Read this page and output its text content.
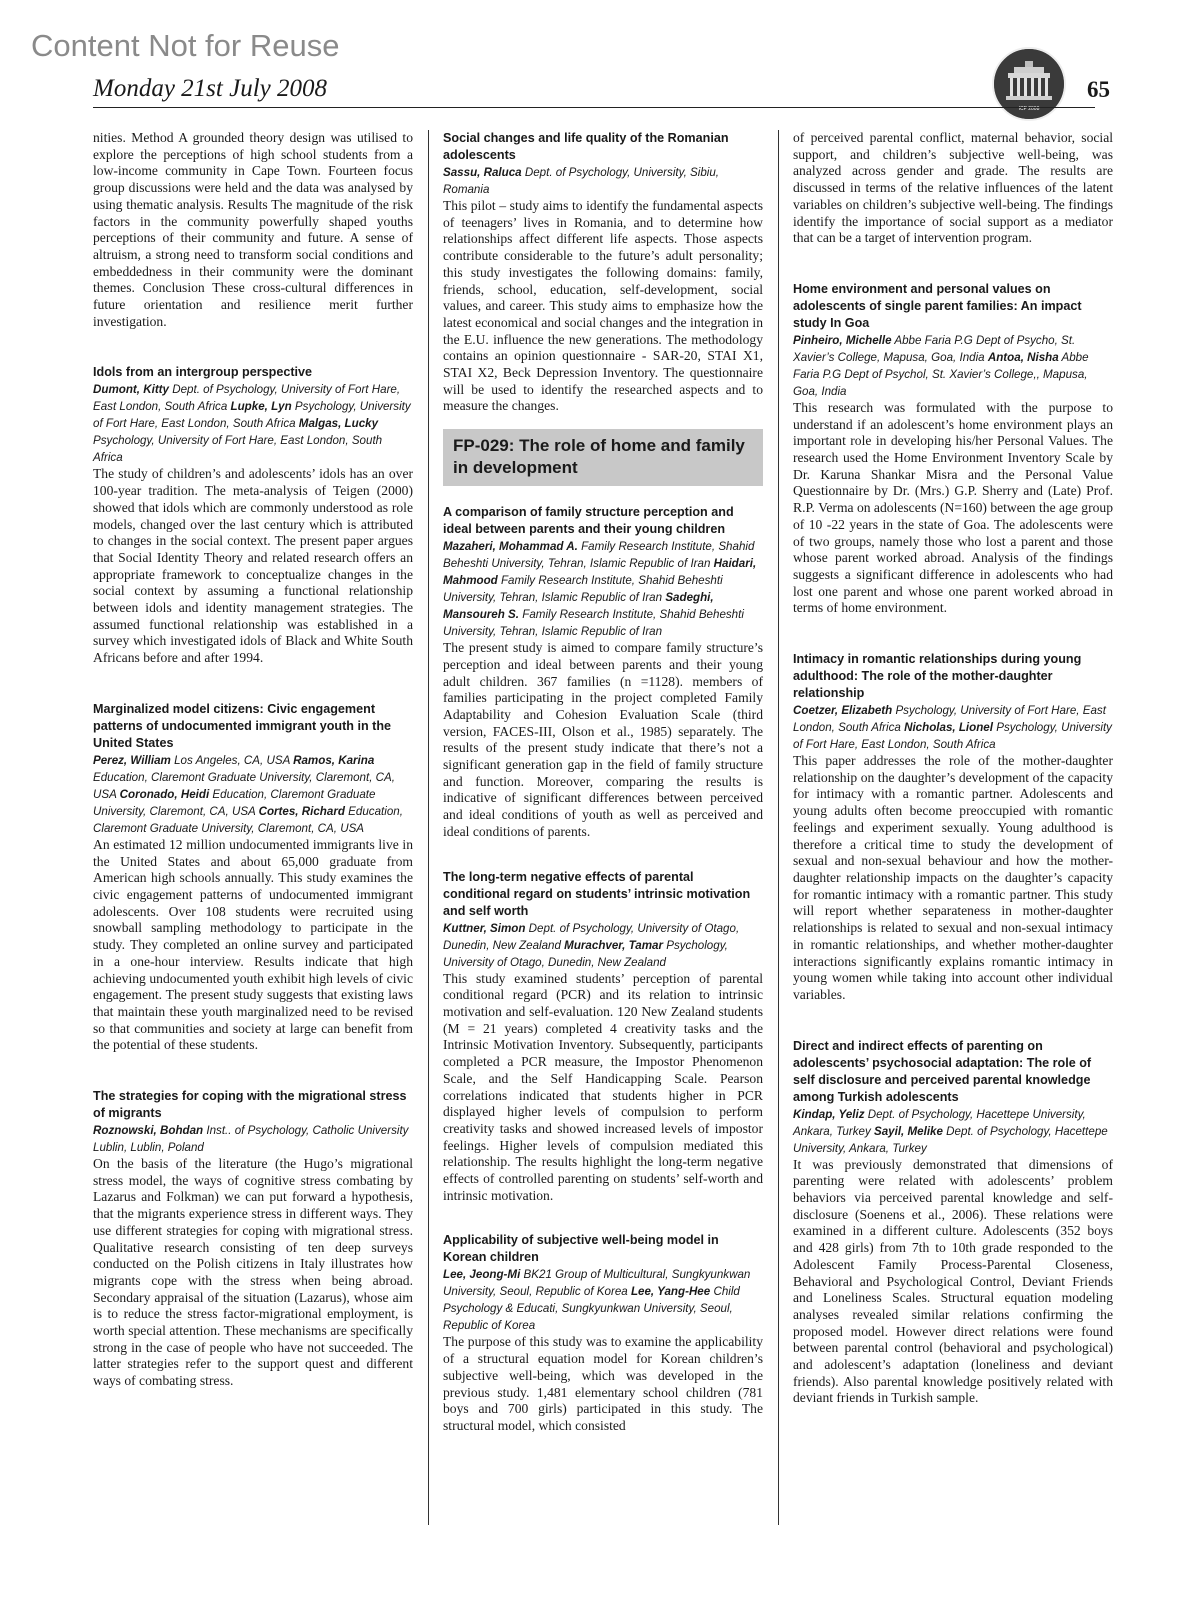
Content Not for Reuse
Monday 21st July 2008
ICP 2008
65

nities. Method A grounded theory design was utilised to explore the perceptions of high school students from a low-income community in Cape Town. Fourteen focus group discussions were held and the data was analysed by using thematic analysis. Results The magnitude of the risk factors in the community powerfully shaped youths perceptions of their community and future. A sense of altruism, a strong need to transform social conditions and embeddedness in their community were the dominant themes. Conclusion These cross-cultural differences in future orientation and resilience merit further investigation.

Idols from an intergroup perspective

Dumont, Kitty Dept. of Psychology, University of Fort Hare, East London, South Africa Lupke, Lyn Psychology, University of Fort Hare, East London, South Africa Malgas, Lucky Psychology, University of Fort Hare, East London, South Africa

The study of children’s and adolescents’ idols has an over 100-year tradition. The meta-analysis of Teigen (2000) showed that idols which are commonly understood as role models, changed over the last century which is attributed to changes in the social context. The present paper argues that Social Identity Theory and related research offers an appropriate framework to conceptualize changes in the social context by assuming a functional relationship between idols and identity management strategies. The assumed functional relationship was established in a survey which investigated idols of Black and White South Africans before and after 1994.

Marginalized model citizens: Civic engagement patterns of undocumented immigrant youth in the United States

Perez, William Los Angeles, CA, USA Ramos, Karina Education, Claremont Graduate University, Claremont, CA, USA Coronado, Heidi Education, Claremont Graduate University, Claremont, CA, USA Cortes, Richard Education, Claremont Graduate University, Claremont, CA, USA

An estimated 12 million undocumented immigrants live in the United States and about 65,000 graduate from American high schools annually. This study examines the civic engagement patterns of undocumented immigrant adolescents. Over 108 students were recruited using snowball sampling methodology to participate in the study. They completed an online survey and participated in a one-hour interview. Results indicate that high achieving undocumented youth exhibit high levels of civic engagement. The present study suggests that existing laws that maintain these youth marginalized need to be revised so that communities and society at large can benefit from the potential of these students.

The strategies for coping with the migrational stress of migrants

Roznowski, Bohdan Inst.. of Psychology, Catholic University Lublin, Lublin, Poland

On the basis of the literature (the Hugo’s migrational stress model, the ways of cognitive stress combating by Lazarus and Folkman) we can put forward a hypothesis, that the migrants experience stress in different ways. They use different strategies for coping with migrational stress. Qualitative research consisting of ten deep surveys conducted on the Polish citizens in Italy illustrates how migrants cope with the stress when being abroad. Secondary appraisal of the situation (Lazarus), whose aim is to reduce the stress factor-migrational employment, is worth special attention. These mechanisms are specifically strong in the case of people who have not succeeded. The latter strategies refer to the support quest and different ways of combating stress.

Social changes and life quality of the Romanian adolescents

Sassu, Raluca Dept. of Psychology, University, Sibiu, Romania

This pilot – study aims to identify the fundamental aspects of teenagers’ lives in Romania, and to determine how relationships affect different life aspects. Those aspects contribute considerable to the future’s adult personality; this study investigates the following domains: family, friends, school, education, self-development, social values, and career. This study aims to emphasize how the latest economical and social changes and the integration in the E.U. influence the new generations. The methodology contains an opinion questionnaire - SAR-20, STAI X1, STAI X2, Beck Depression Inventory. The questionnaire will be used to identify the researched aspects and to measure the changes.

FP-029: The role of home and family in development

A comparison of family structure perception and ideal between parents and their young children

Mazaheri, Mohammad A. Family Research Institute, Shahid Beheshti University, Tehran, Islamic Republic of Iran Haidari, Mahmood Family Research Institute, Shahid Beheshti University, Tehran, Islamic Republic of Iran Sadeghi, Mansoureh S. Family Research Institute, Shahid Beheshti University, Tehran, Islamic Republic of Iran

The present study is aimed to compare family structure’s perception and ideal between parents and their young adult children. 367 families (n =1128). members of families participating in the project completed Family Adaptability and Cohesion Evaluation Scale (third version, FACES-III, Olson et al., 1985) separately. The results of the present study indicate that there’s not a significant generation gap in the field of family structure and function. Moreover, comparing the results is indicative of significant differences between perceived and ideal conditions of youth as well as perceived and ideal conditions of parents.

The long-term negative effects of parental conditional regard on students’ intrinsic motivation and self worth

Kuttner, Simon Dept. of Psychology, University of Otago, Dunedin, New Zealand Murachver, Tamar Psychology, University of Otago, Dunedin, New Zealand

This study examined students’ perception of parental conditional regard (PCR) and its relation to intrinsic motivation and self-evaluation. 120 New Zealand students (M = 21 years) completed 4 creativity tasks and the Intrinsic Motivation Inventory. Subsequently, participants completed a PCR measure, the Impostor Phenomenon Scale, and the Self Handicapping Scale. Pearson correlations indicated that students higher in PCR displayed higher levels of compulsion to perform creativity tasks and showed increased levels of impostor feelings. Higher levels of compulsion mediated this relationship. The results highlight the long-term negative effects of controlled parenting on students’ self-worth and intrinsic motivation.

Applicability of subjective well-being model in Korean children

Lee, Jeong-Mi BK21 Group of Multicultural, Sungkyunkwan University, Seoul, Republic of Korea Lee, Yang-Hee Child Psychology & Educati, Sungkyunkwan University, Seoul, Republic of Korea

The purpose of this study was to examine the applicability of a structural equation model for Korean children’s subjective well-being, which was developed in the previous study. 1,481 elementary school children (781 boys and 700 girls) participated in this study. The structural model, which consisted

of perceived parental conflict, maternal behavior, social support, and children’s subjective well-being, was analyzed across gender and grade. The results are discussed in terms of the relative influences of the latent variables on children’s subjective well-being. The findings identify the importance of social support as a mediator that can be a target of intervention program.

Home environment and personal values on adolescents of single parent families: An impact study In Goa

Pinheiro, Michelle Abbe Faria P.G Dept of Psycho, St. Xavier’s College, Mapusa, Goa, India Antoa, Nisha Abbe Faria P.G Dept of Psychol, St. Xavier’s College,, Mapusa, Goa, India

This research was formulated with the purpose to understand if an adolescent’s home environment plays an important role in developing his/her Personal Values. The research used the Home Environment Inventory Scale by Dr. Karuna Shankar Misra and the Personal Value Questionnaire by Dr. (Mrs.) G.P. Sherry and (Late) Prof. R.P. Verma on adolescents (N=160) between the age group of 10 -22 years in the state of Goa. The adolescents were of two groups, namely those who lost a parent and those whose parent worked abroad. Analysis of the findings suggests a significant difference in adolescents who had lost one parent and whose one parent worked abroad in terms of home environment.

Intimacy in romantic relationships during young adulthood: The role of the mother-daughter relationship

Coetzer, Elizabeth Psychology, University of Fort Hare, East London, South Africa Nicholas, Lionel Psychology, University of Fort Hare, East London, South Africa

This paper addresses the role of the mother-daughter relationship on the daughter’s development of the capacity for intimacy with a romantic partner. Adolescents and young adults often become preoccupied with romantic feelings and experiment sexually. Young adulthood is therefore a critical time to study the development of sexual and non-sexual behaviour and how the mother-daughter relationship impacts on the daughter’s capacity for romantic intimacy with a romantic partner. This study will report whether separateness in mother-daughter relationships is related to sexual and non-sexual intimacy in romantic relationships, and whether mother-daughter interactions significantly explains romantic intimacy in young women while taking into account other individual variables.

Direct and indirect effects of parenting on adolescents’ psychosocial adaptation: The role of self disclosure and perceived parental knowledge among Turkish adolescents

Kindap, Yeliz Dept. of Psychology, Hacettepe University, Ankara, Turkey Sayil, Melike Dept. of Psychology, Hacettepe University, Ankara, Turkey

It was previously demonstrated that dimensions of parenting were related with adolescents’ problem behaviors via perceived parental knowledge and self-disclosure (Soenens et al., 2006). These relations were examined in a different culture. Adolescents (352 boys and 428 girls) from 7th to 10th grade responded to the Adolescent Family Process-Parental Closeness, Behavioral and Psychological Control, Deviant Friends and Loneliness Scales. Structural equation modeling analyses revealed similar relations confirming the proposed model. However direct relations were found between parental control (behavioral and psychological) and adolescent’s adaptation (loneliness and deviant friends). Also parental knowledge positively related with deviant friends in Turkish sample.
